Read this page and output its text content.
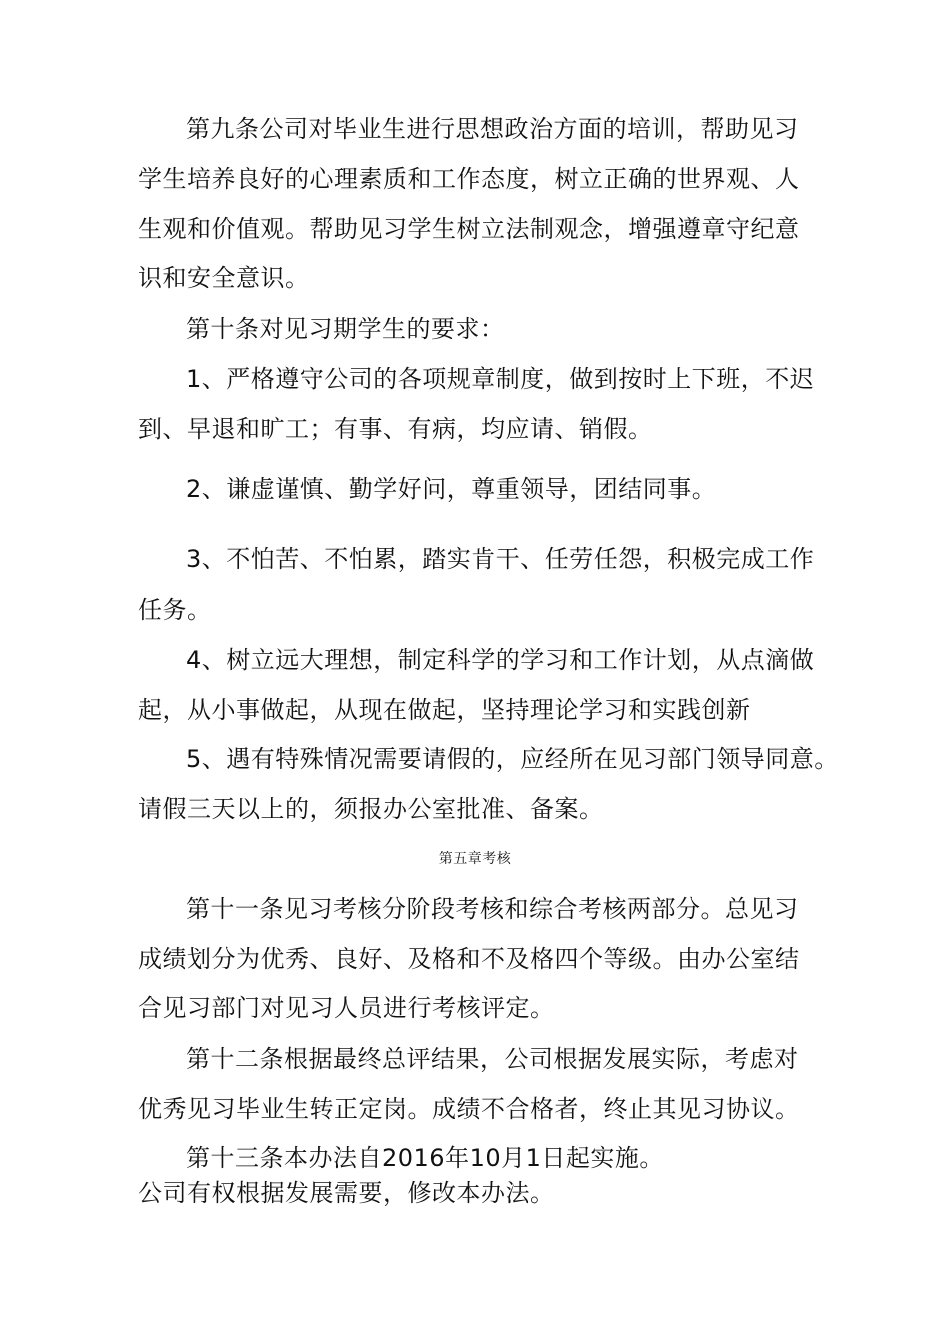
第九条公司对毕业生进行思想政治方面的培训，帮助见习

学生培养良好的心理素质和工作态度，树立正确的世界观、人

生观和价值观。帮助见习学生树立法制观念，增强遵章守纪意

识和安全意识。

第十条对见习期学生的要求：

1、严格遵守公司的各项规章制度，做到按时上下班，不迟

到、早退和旷工；有事、有病，均应请、销假。

2、谦虚谨慎、勤学好问，尊重领导，团结同事。

3、不怕苦、不怕累，踏实肯干、任劳任怨，积极完成工作

任务。

4、树立远大理想，制定科学的学习和工作计划，从点滴做

起，从小事做起，从现在做起，坚持理论学习和实践创新

5、遇有特殊情况需要请假的，应经所在见习部门领导同意。

请假三天以上的，须报办公室批准、备案。

第五章考核

第十一条见习考核分阶段考核和综合考核两部分。总见习

成绩划分为优秀、良好、及格和不及格四个等级。由办公室结

合见习部门对见习人员进行考核评定。

第十二条根据最终总评结果，公司根据发展实际，考虑对

优秀见习毕业生转正定岗。成绩不合格者，终止其见习协议。

第十三条本办法自2016年10月1日起实施。

公司有权根据发展需要，修改本办法。
